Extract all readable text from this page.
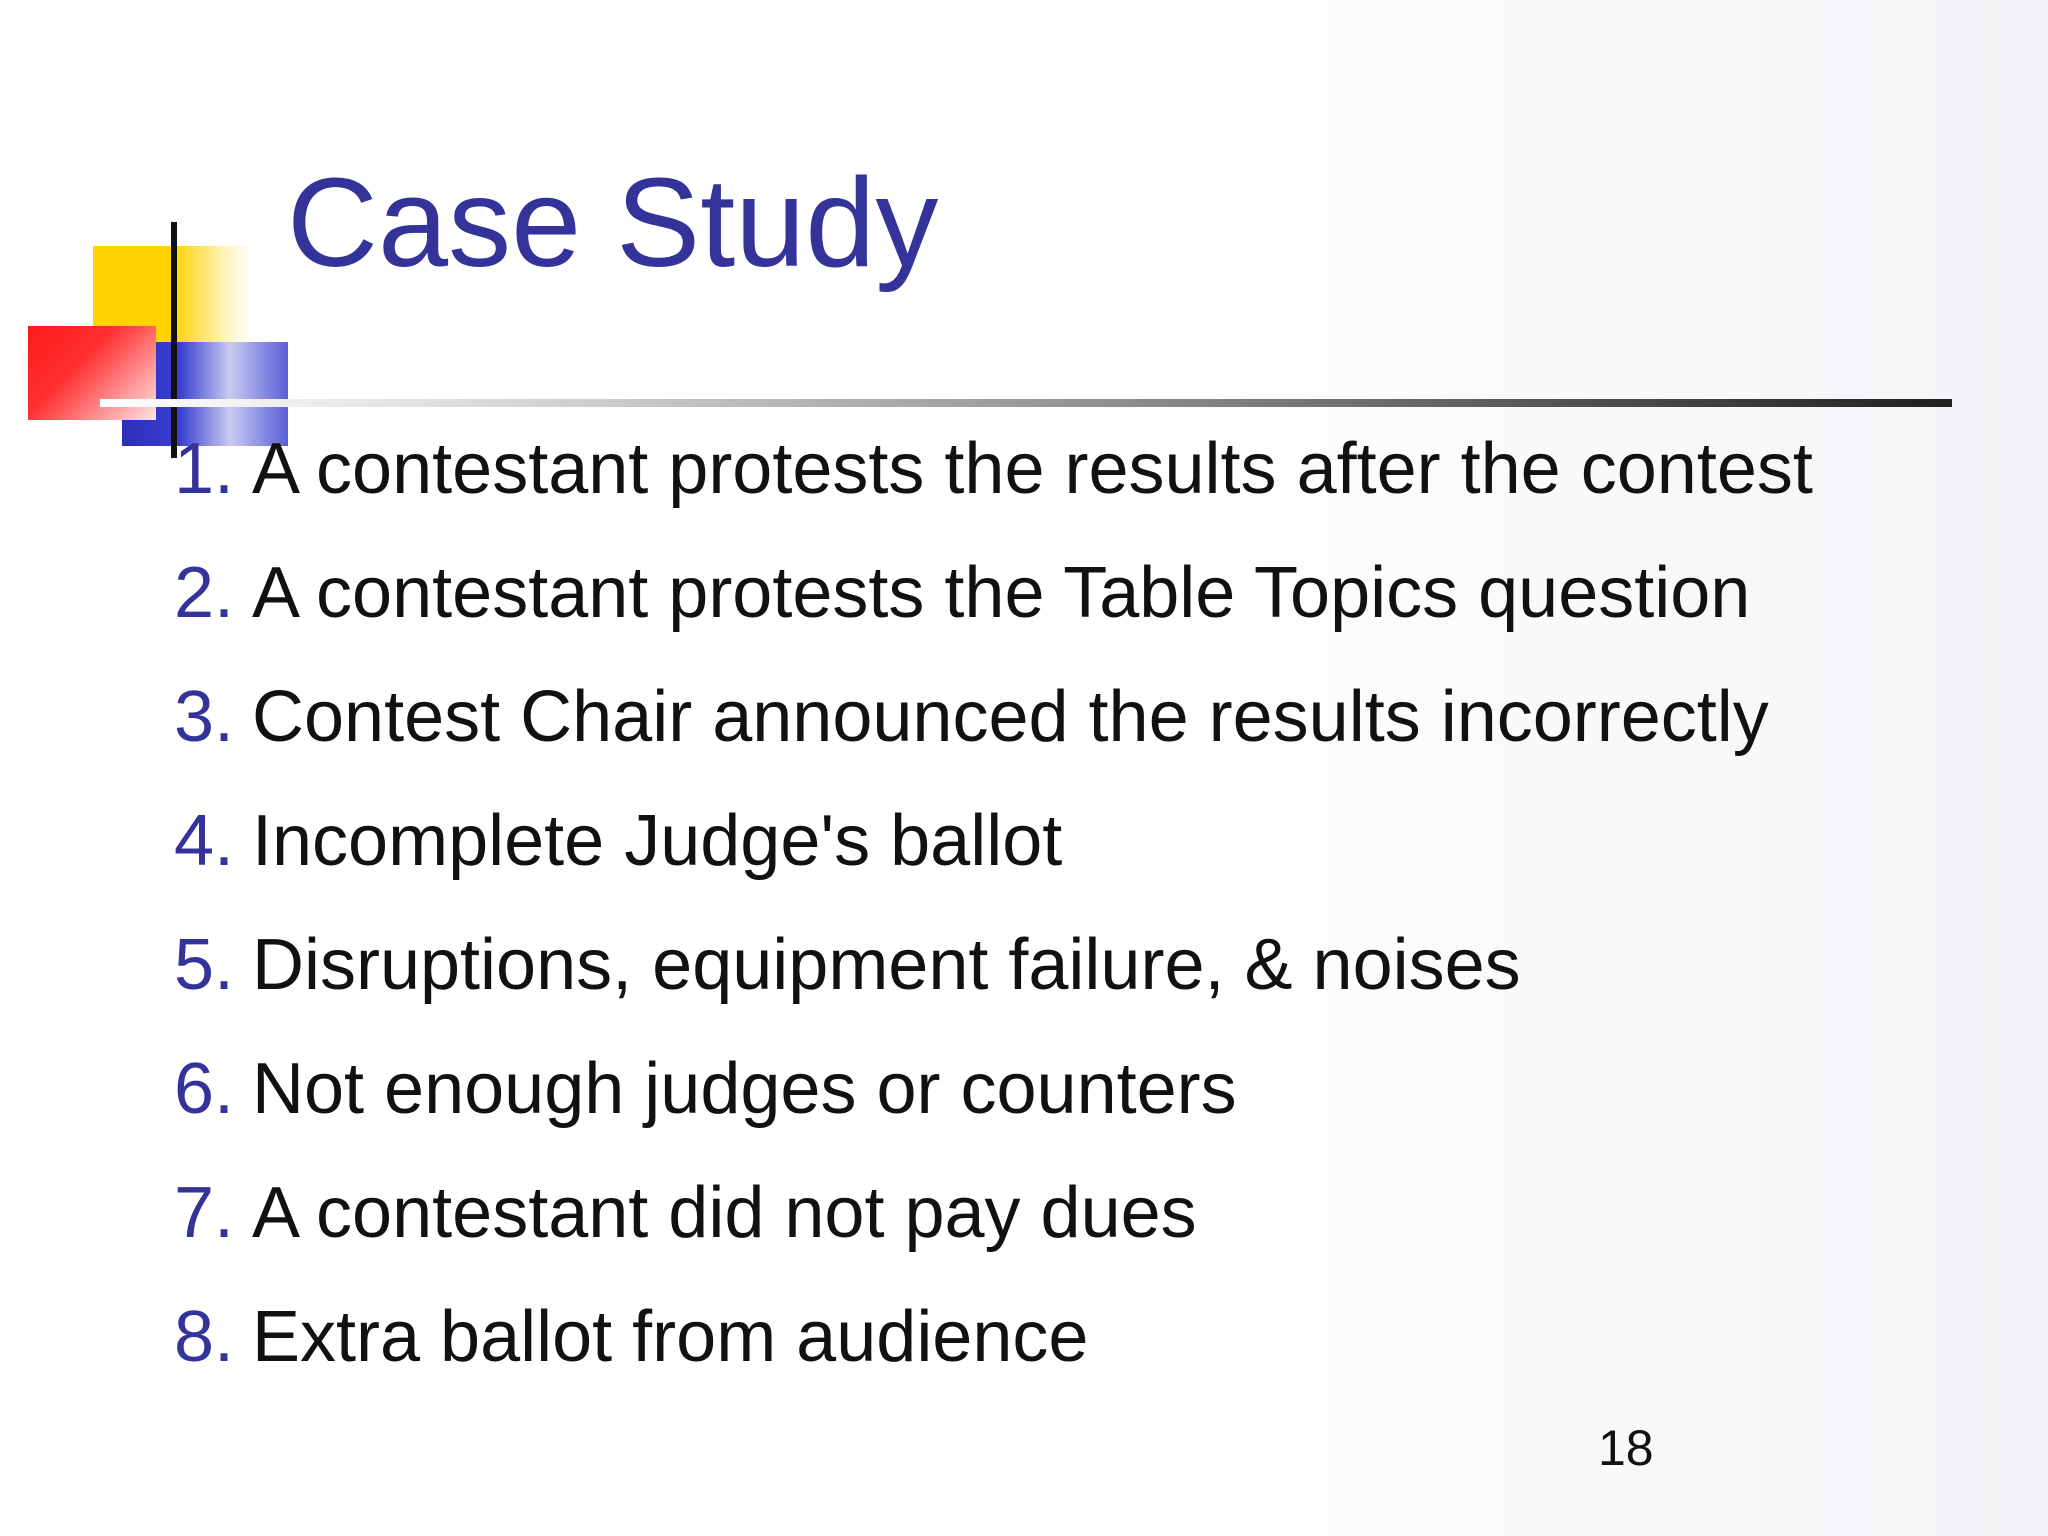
Case Study
1. A contestant protests the results after the contest
2. A contestant protests the Table Topics question
3. Contest Chair announced the results incorrectly
4. Incomplete Judge's ballot
5. Disruptions, equipment failure, & noises
6. Not enough judges or counters
7. A contestant did not pay dues
8. Extra ballot from audience
18
